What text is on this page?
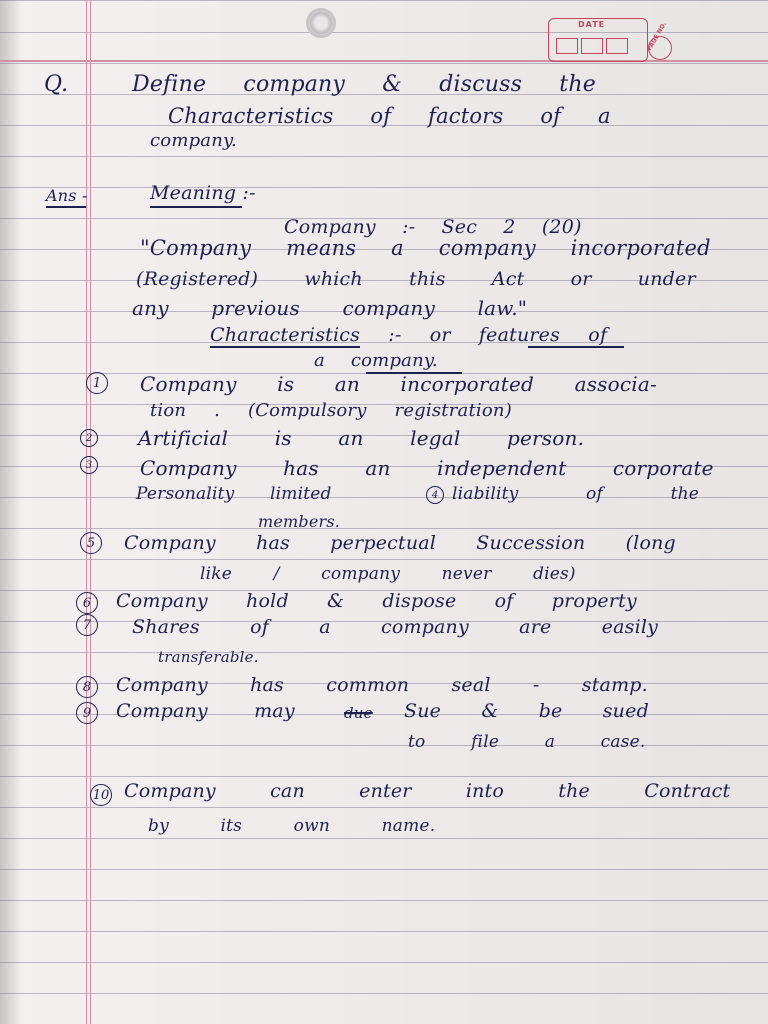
DATE	PAGE NO.

Q.	Define company & discuss the

Characteristics of factors of a

company.

Ans -	Meaning :-

Company :- Sec 2 (20)

"Company means a company incorporated

(Registered) which this Act or under

any previous company law."

Characteristics :- or features of

a company.

1	Company is an incorporated associa-

tion . (Compulsory registration)

2 Artificial is an legal person.

3 Company has an independent corporate

Personality limited	4 liability of the

members.

5	Company has perpectual Succession (long

like / company never dies)

6	Company hold & dispose of property

7	Shares of a company are easily

transferable.

8	Company has common seal - stamp.

9	Company may	due Sue & be sued

to file a case.

10 Company can enter into the Contract

by its own name.
